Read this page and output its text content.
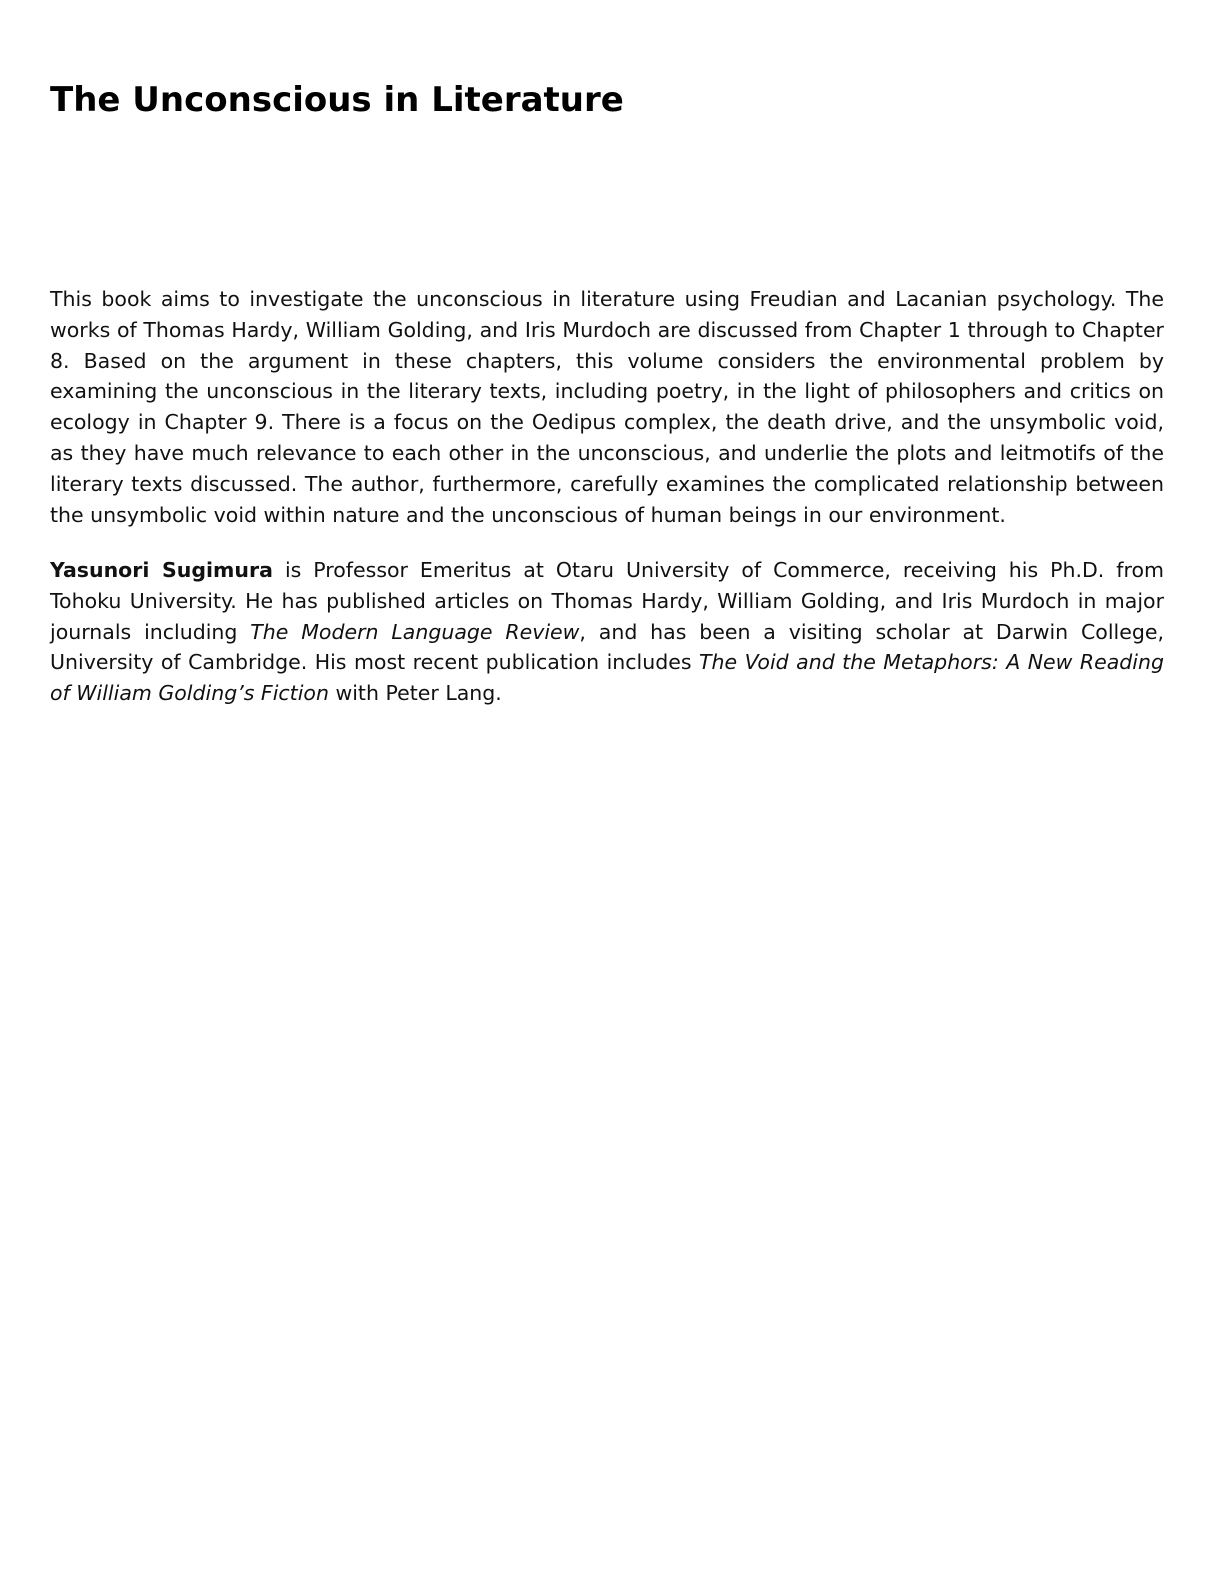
The Unconscious in Literature

This book aims to investigate the unconscious in literature using Freudian and Lacanian psychology. The works of Thomas Hardy, William Golding, and Iris Murdoch are discussed from Chapter 1 through to Chapter 8. Based on the argument in these chapters, this volume considers the environmental problem by examining the unconscious in the literary texts, including poetry, in the light of philosophers and critics on ecology in Chapter 9. There is a focus on the Oedipus complex, the death drive, and the unsymbolic void, as they have much relevance to each other in the unconscious, and underlie the plots and leitmotifs of the literary texts discussed. The author, furthermore, carefully examines the complicated relationship between the unsymbolic void within nature and the unconscious of human beings in our environment.

Yasunori Sugimura is Professor Emeritus at Otaru University of Commerce, receiving his Ph.D. from Tohoku University. He has published articles on Thomas Hardy, William Golding, and Iris Murdoch in major journals including The Modern Language Review, and has been a visiting scholar at Darwin College, University of Cambridge. His most recent publication includes The Void and the Metaphors: A New Reading of William Golding’s Fiction with Peter Lang.
